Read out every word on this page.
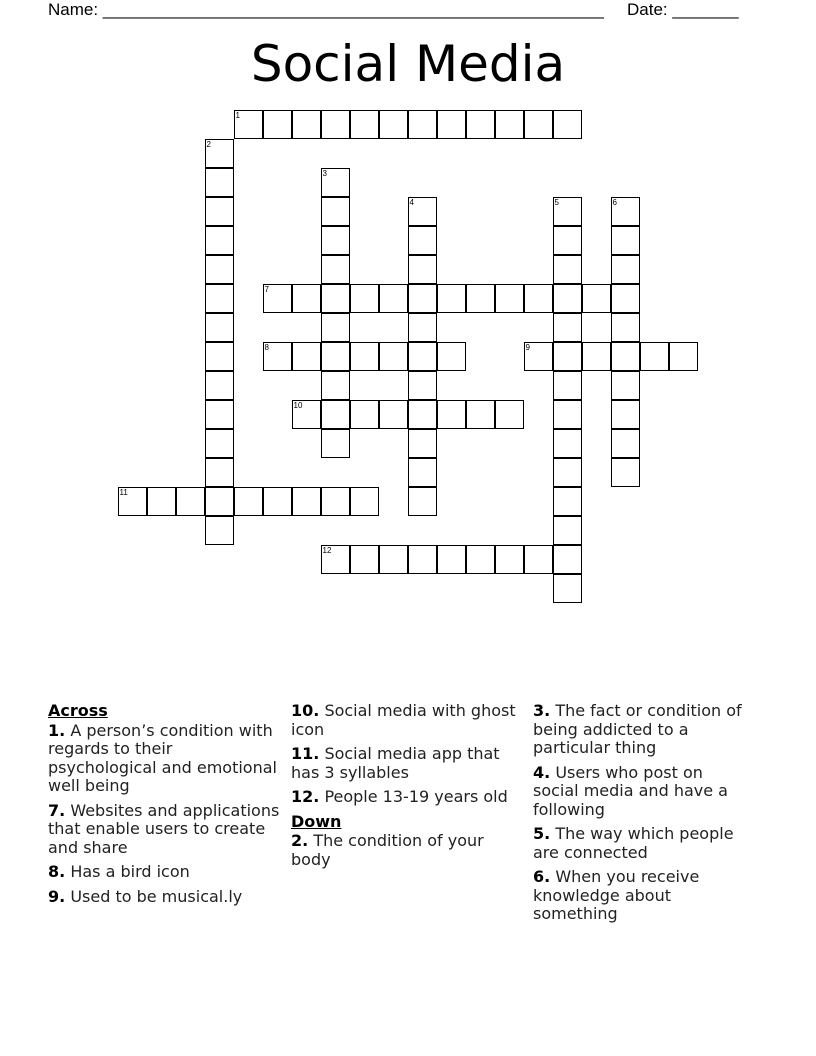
Name: _____________________________________________________ Date: _______
Social Media
1
2
3
4	5	6
7
8	9
10
11
12
Across
1. A person’s condition with regards to their psychological and emotional well being
7. Websites and applications that enable users to create and share
8. Has a bird icon
9. Used to be musical.ly
10. Social media with ghost icon
11. Social media app that has 3 syllables
12. People 13-19 years old
Down
2. The condition of your body
3. The fact or condition of being addicted to a particular thing
4. Users who post on social media and have a following
5. The way which people are connected
6. When you receive knowledge about something
